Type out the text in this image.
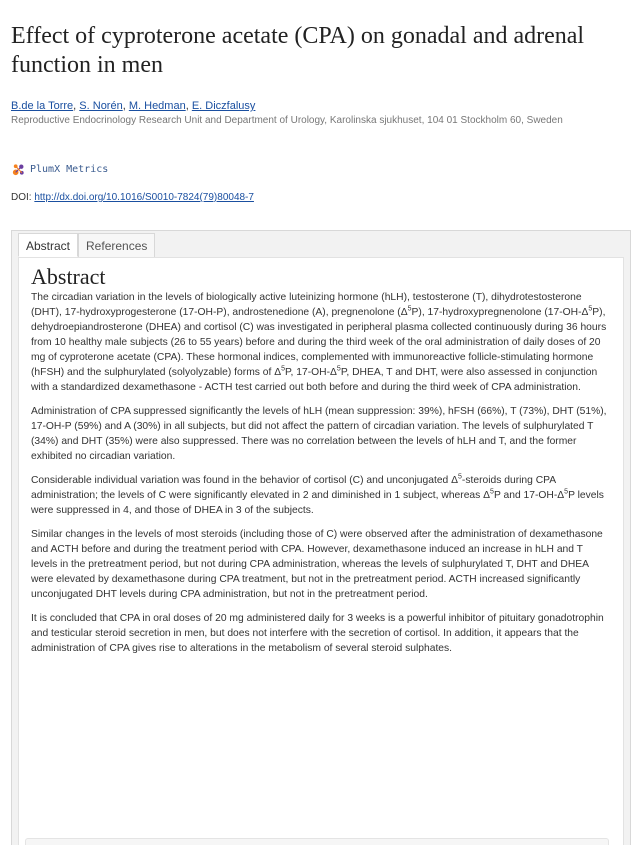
Effect of cyproterone acetate (CPA) on gonadal and adrenal function in men
B.de la Torre, S. Norén, M. Hedman, E. Diczfalusy
Reproductive Endocrinology Research Unit and Department of Urology, Karolinska sjukhuset, 104 01 Stockholm 60, Sweden
PlumX Metrics
DOI: http://dx.doi.org/10.1016/S0010-7824(79)80048-7
Abstract	References
Abstract

The circadian variation in the levels of biologically active luteinizing hormone (hLH), testosterone (T), dihydrotestosterone (DHT), 17-hydroxyprogesterone (17-OH-P), androstenedione (A), pregnenolone $(\Delta^5P)$, 17-hydroxypregnenolone $(17-OH-\Delta^5P)$, dehydroepiandrosterone (DHEA) and cortisol (C) was investigated in peripheral plasma collected continuously during 36 hours from 10 healthy male subjects (26 to 55 years) before and during the third week of the oral administration of daily doses of 20 mg of cyproterone acetate (CPA). These hormonal indices, complemented with immunoreactive follicle-stimulating hormone (hFSH) and the sulphurylated (solyolyzable) forms of $\Delta^5P$, $17-OH-\Delta^5P$, DHEA, T and DHT, were also assessed in conjunction with a standardized dexamethasone - ACTH test carried out both before and during the third week of CPA administration.

Administration of CPA suppressed significantly the levels of hLH (mean suppression: 39%), hFSH (66%), T (73%), DHT (51%), 17-OH-P (59%) and A (30%) in all subjects, but did not affect the pattern of circadian variation. The levels of sulphurylated T (34%) and DHT (35%) were also suppressed. There was no correlation between the levels of hLH and T, and the former exhibited no circadian variation.

Considerable individual variation was found in the behavior of cortisol (C) and unconjugated $\Delta^5$-steroids during CPA administration; the levels of C were significantly elevated in 2 and diminished in 1 subject, whereas $\Delta^5P$ and $17-OH-\Delta^5P$ levels were suppressed in 4, and those of DHEA in 3 of the subjects.

Similar changes in the levels of most steroids (including those of C) were observed after the administration of dexamethasone and ACTH before and during the treatment period with CPA. However, dexamethasone induced an increase in hLH and T levels in the pretreatment period, but not during CPA administration, whereas the levels of sulphurylated T, DHT and DHEA were elevated by dexamethasone during CPA treatment, but not in the pretreatment period. ACTH increased significantly unconjugated DHT levels during CPA administration, but not in the pretreatment period.

It is concluded that CPA in oral doses of 20 mg administered daily for 3 weeks is a powerful inhibitor of pituitary gonadotrophin and testicular steroid secretion in men, but does not interfere with the secretion of cortisol. In addition, it appears that the administration of CPA gives rise to alterations in the metabolism of several steroid sulphates.
